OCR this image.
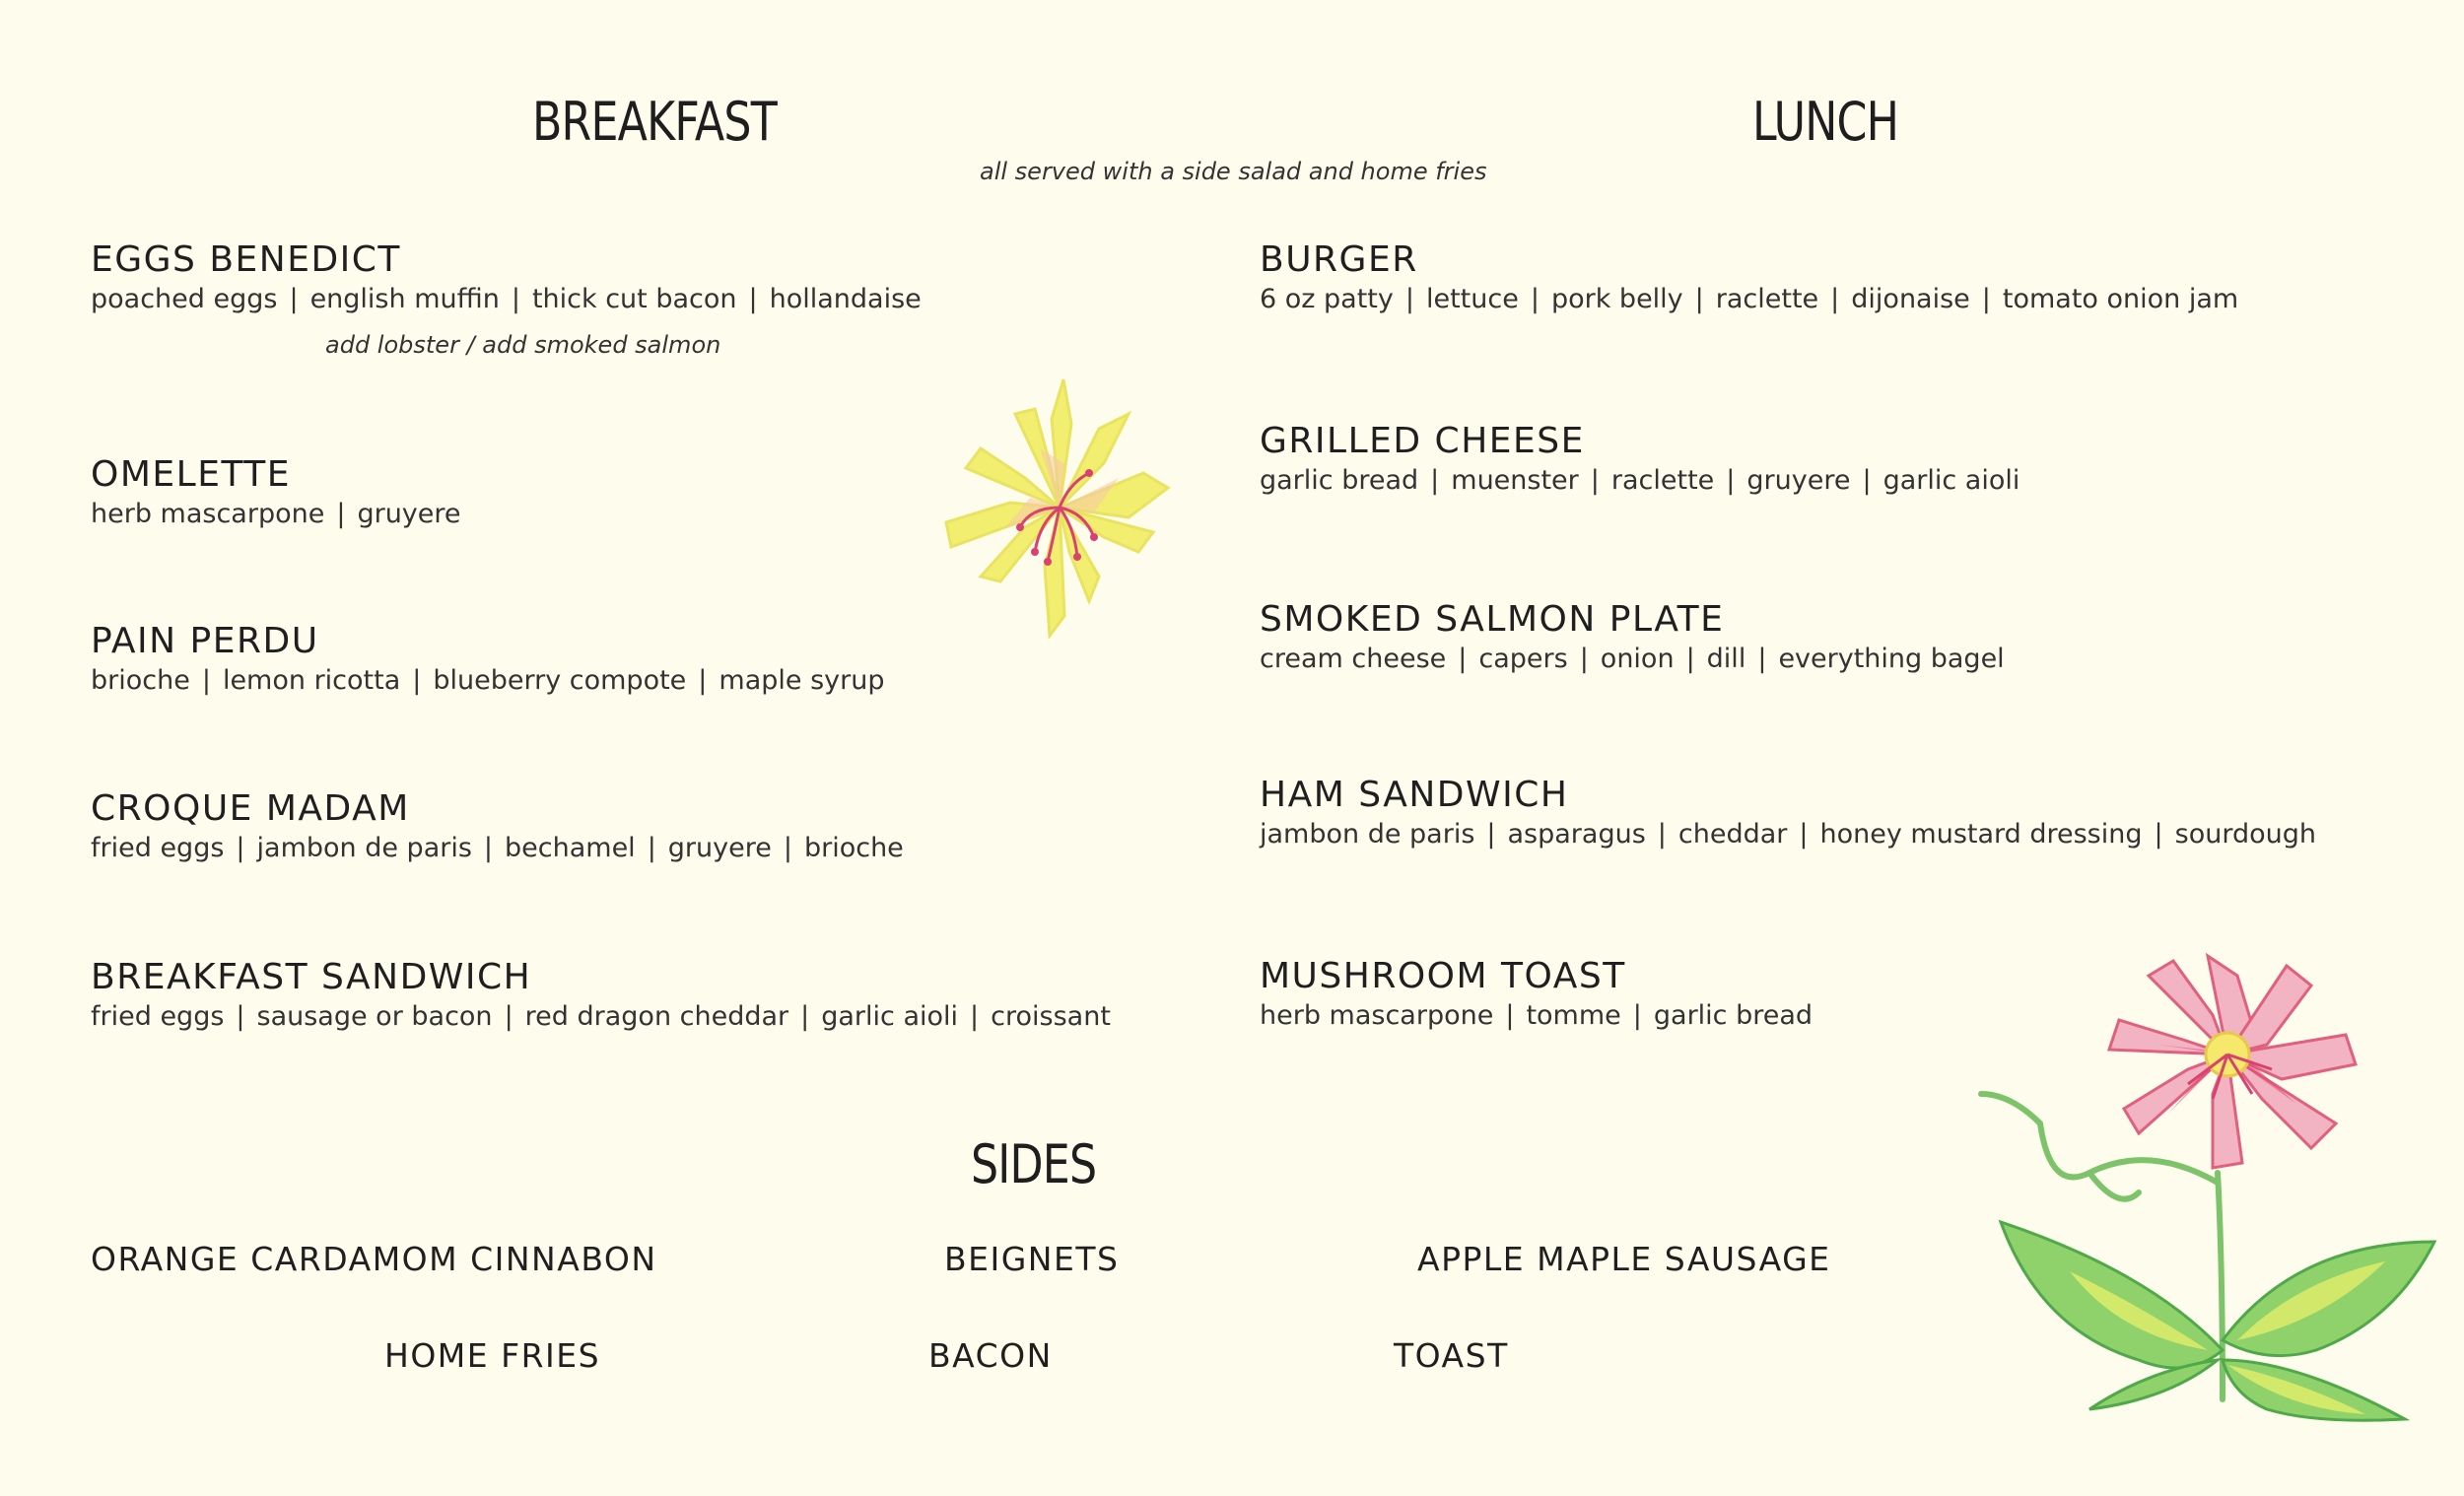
BREAKFAST	LUNCH
all served with a side salad and home fries
EGGS BENEDICT
poached eggs | english muffin | thick cut bacon | hollandaise
add lobster / add smoked salmon
OMELETTE
herb mascarpone | gruyere
PAIN PERDU
brioche | lemon ricotta | blueberry compote | maple syrup
CROQUE MADAM
fried eggs | jambon de paris | bechamel | gruyere | brioche
BREAKFAST SANDWICH
fried eggs | sausage or bacon | red dragon cheddar | garlic aioli | croissant
BURGER
6 oz patty | lettuce | pork belly | raclette | dijonaise | tomato onion jam
GRILLED CHEESE
garlic bread | muenster | raclette | gruyere | garlic aioli
SMOKED SALMON PLATE
cream cheese | capers | onion | dill | everything bagel
HAM SANDWICH
jambon de paris | asparagus | cheddar | honey mustard dressing | sourdough
MUSHROOM TOAST
herb mascarpone | tomme | garlic bread
SIDES
ORANGE CARDAMOM CINNABON	BEIGNETS	APPLE MAPLE SAUSAGE
HOME FRIES	BACON	TOAST
